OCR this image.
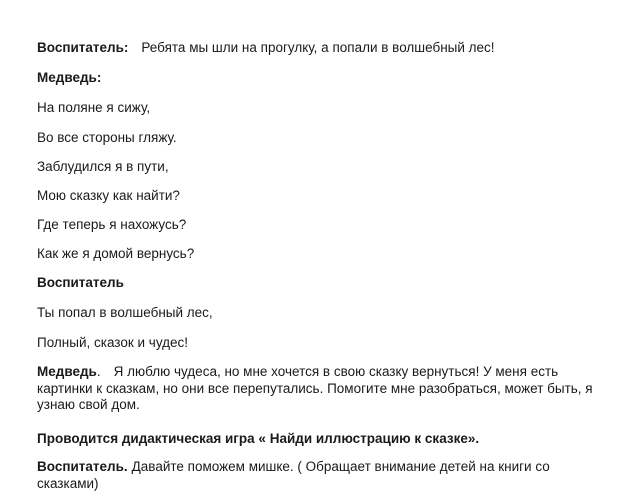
Воспитатель: Ребята мы шли на прогулку, а попали в волшебный лес!
Медведь:
На поляне я сижу,
Во все стороны гляжу.
Заблудился я в пути,
Мою сказку как найти?
Где теперь я нахожусь?
Как же я домой вернусь?
Воспитатель
Ты попал в волшебный лес,
Полный, сказок и чудес!
Медведь. Я люблю чудеса, но мне хочется в свою сказку вернуться! У меня есть картинки к сказкам, но они все перепутались. Помогите мне разобраться, может быть, я узнаю свой дом.
Проводится дидактическая игра « Найди иллюстрацию к сказке».
Воспитатель. Давайте поможем мишке. ( Обращает внимание детей на книги со сказками)
